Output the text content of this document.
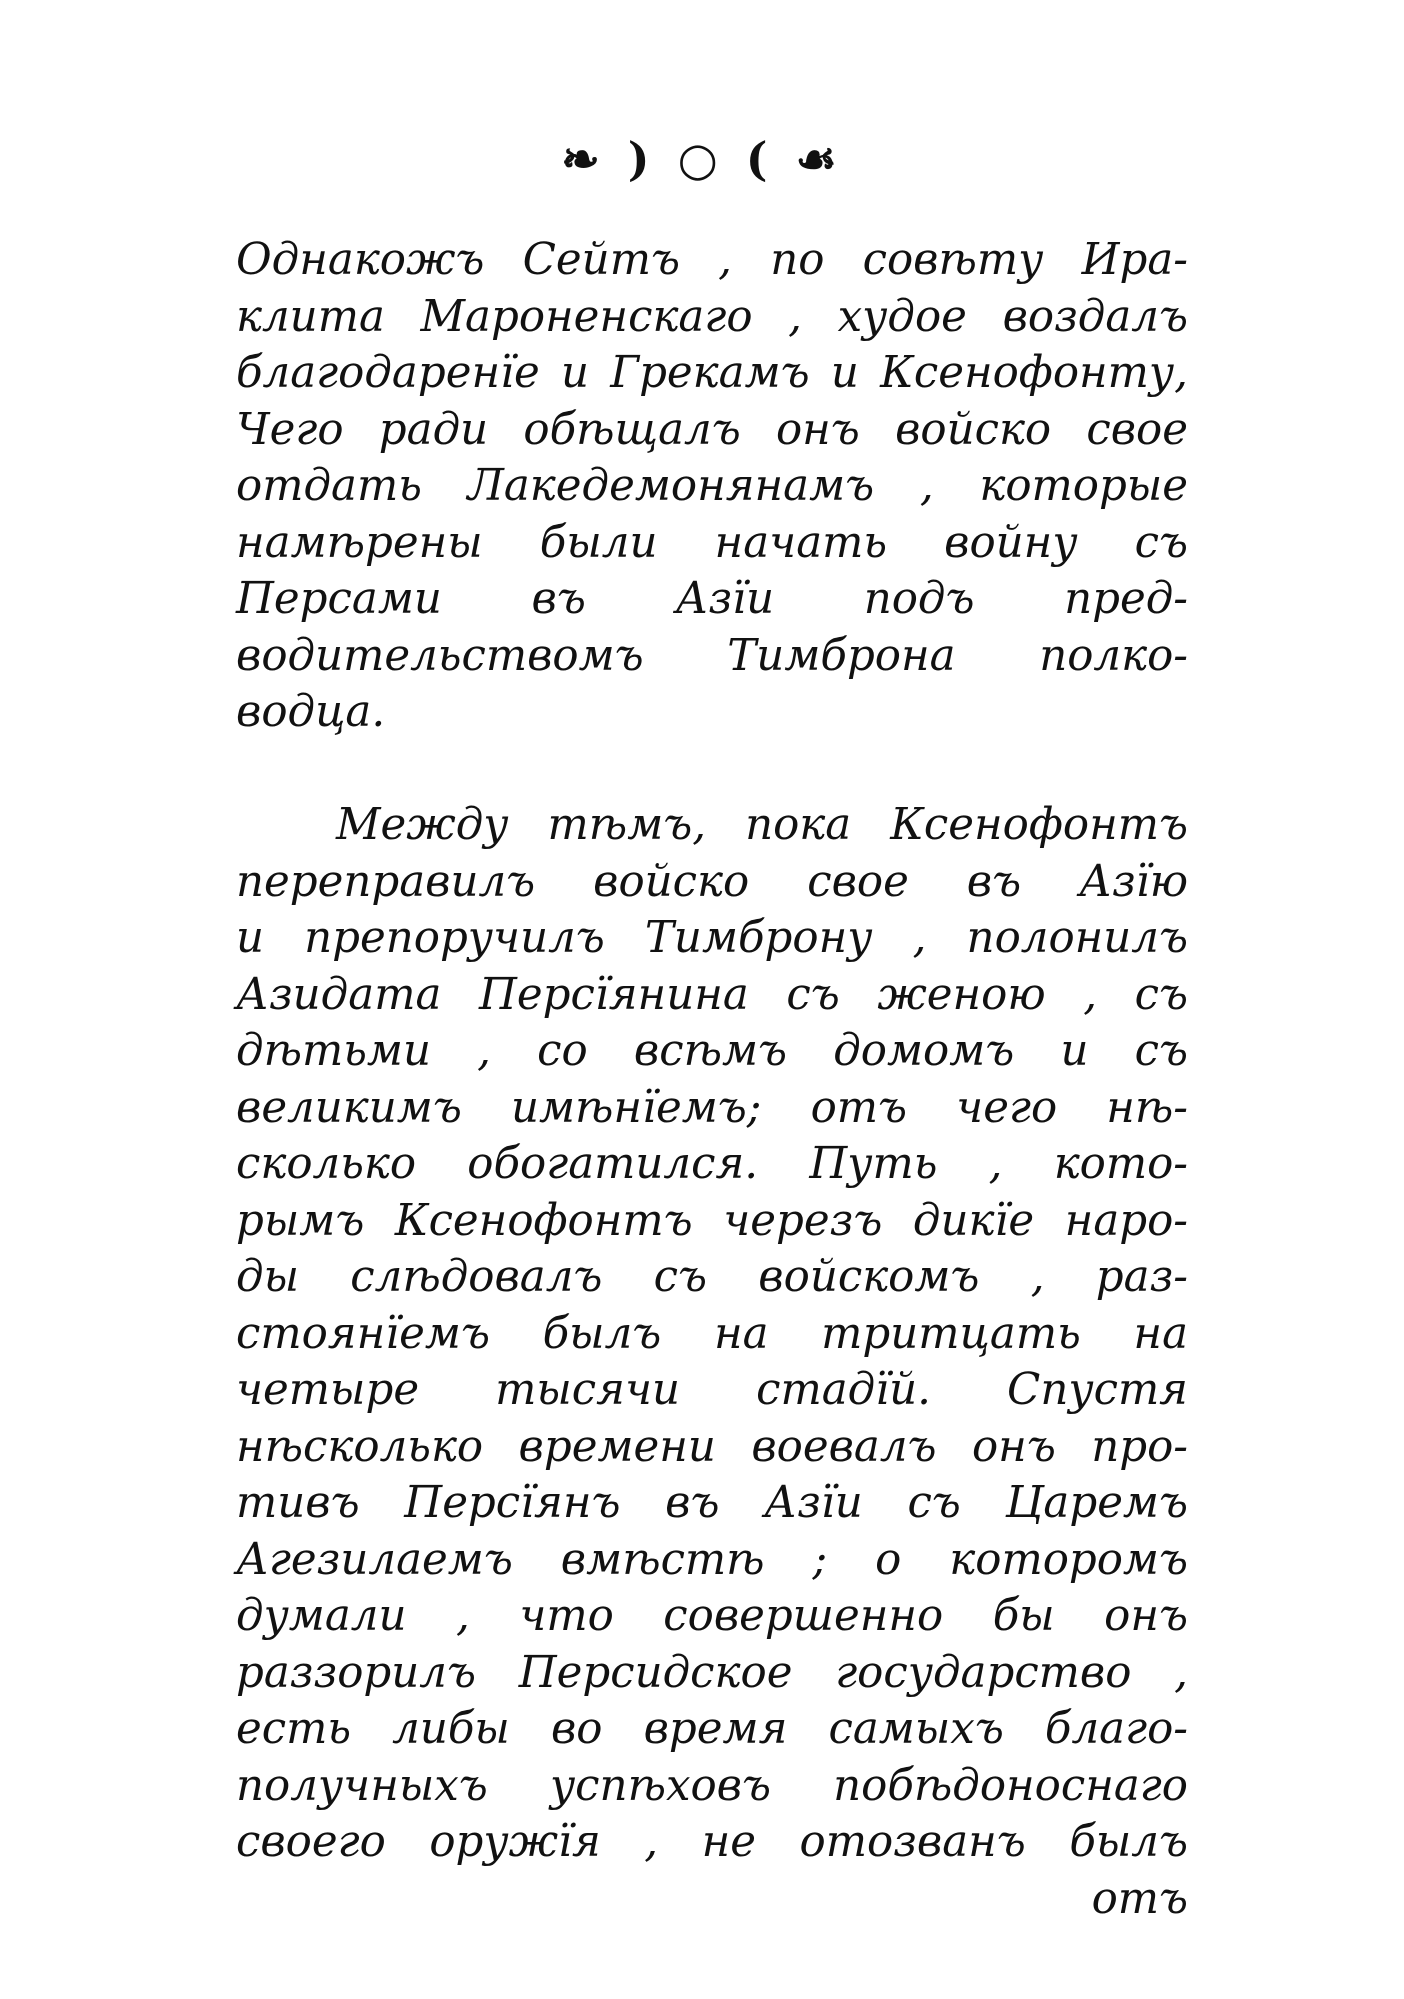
❧ ) ○ ( ☙
Однакожъ Сейтъ , по совѣту Ира-
клита Мароненскаго , худое воздалъ
благодаренїе и Грекамъ и Ксенофонту,
Чего ради обѣщалъ онъ войско свое
отдать Лакедемонянамъ , которые
намѣрены были начать войну съ
Персами въ Азїи подъ пред-
водительствомъ Тимброна полко-
водца.
Между тѣмъ, пока Ксенофонтъ
переправилъ войско свое въ Азїю
и препоручилъ Тимброну , полонилъ
Азидата Персїянина съ женою , съ
дѣтьми , со всѣмъ домомъ и съ
великимъ имѣнїемъ; отъ чего нѣ-
сколько обогатился. Путь , кото-
рымъ Ксенофонтъ черезъ дикїе наро-
ды слѣдовалъ съ войскомъ , раз-
стоянїемъ былъ на тритцать на
четыре тысячи стадїй. Спустя
нѣсколько времени воевалъ онъ про-
тивъ Персїянъ въ Азїи съ Царемъ
Агезилаемъ вмѣстѣ ; о которомъ
думали , что совершенно бы онъ
раззорилъ Персидское государство ,
есть либы во время самыхъ благо-
получныхъ успѣховъ побѣдоноснаго
своего оружїя , не отозванъ былъ
отъ
